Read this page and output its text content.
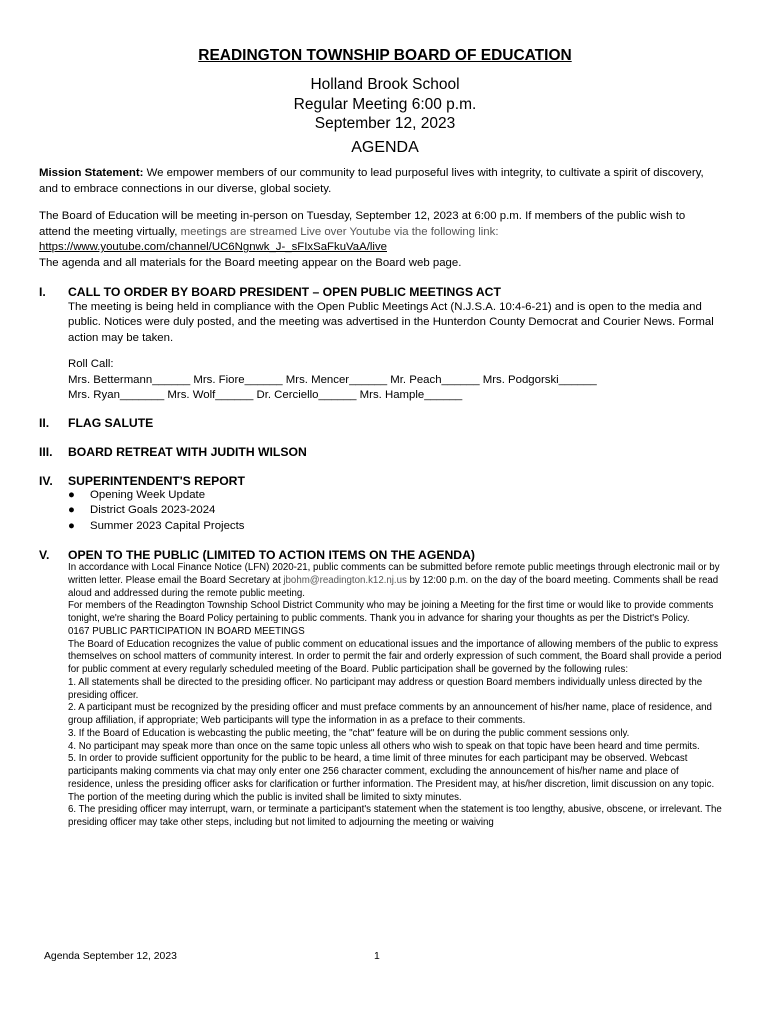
READINGTON TOWNSHIP BOARD OF EDUCATION
Holland Brook School
Regular Meeting 6:00 p.m.
September 12, 2023
AGENDA
Mission Statement: We empower members of our community to lead purposeful lives with integrity, to cultivate a spirit of discovery, and to embrace connections in our diverse, global society.
The Board of Education will be meeting in-person on Tuesday, September 12, 2023 at 6:00 p.m. If members of the public wish to attend the meeting virtually, meetings are streamed Live over Youtube via the following link:
https://www.youtube.com/channel/UC6Ngnwk_J-_sFIxSaFkuVaA/live
The agenda and all materials for the Board meeting appear on the Board web page.
I. CALL TO ORDER BY BOARD PRESIDENT – OPEN PUBLIC MEETINGS ACT
The meeting is being held in compliance with the Open Public Meetings Act (N.J.S.A. 10:4-6-21) and is open to the media and public. Notices were duly posted, and the meeting was advertised in the Hunterdon County Democrat and Courier News. Formal action may be taken.
Roll Call:
Mrs. Bettermann______ Mrs. Fiore______ Mrs. Mencer______ Mr. Peach______ Mrs. Podgorski______
Mrs. Ryan_______ Mrs. Wolf______ Dr. Cerciello______ Mrs. Hample______
II. FLAG SALUTE
III. BOARD RETREAT WITH JUDITH WILSON
IV. SUPERINTENDENT'S REPORT
● Opening Week Update
● District Goals 2023-2024
● Summer 2023 Capital Projects
V. OPEN TO THE PUBLIC (LIMITED TO ACTION ITEMS ON THE AGENDA)

In accordance with Local Finance Notice (LFN) 2020-21, public comments can be submitted before remote public meetings through electronic mail or by written letter. Please email the Board Secretary at jbohm@readington.k12.nj.us by 12:00 p.m. on the day of the board meeting. Comments shall be read aloud and addressed during the remote public meeting.

For members of the Readington Township School District Community who may be joining a Meeting for the first time or would like to provide comments tonight, we're sharing the Board Policy pertaining to public comments. Thank you in advance for sharing your thoughts as per the District's Policy.

0167 PUBLIC PARTICIPATION IN BOARD MEETINGS

The Board of Education recognizes the value of public comment on educational issues and the importance of allowing members of the public to express themselves on school matters of community interest. In order to permit the fair and orderly expression of such comment, the Board shall provide a period for public comment at every regularly scheduled meeting of the Board. Public participation shall be governed by the following rules:

1. All statements shall be directed to the presiding officer. No participant may address or question Board members individually unless directed by the presiding officer.

2. A participant must be recognized by the presiding officer and must preface comments by an announcement of his/her name, place of residence, and group affiliation, if appropriate; Web participants will type the information in as a preface to their comments.

3. If the Board of Education is webcasting the public meeting, the "chat" feature will be on during the public comment sessions only.

4. No participant may speak more than once on the same topic unless all others who wish to speak on that topic have been heard and time permits.

5. In order to provide sufficient opportunity for the public to be heard, a time limit of three minutes for each participant may be observed. Webcast participants making comments via chat may only enter one 256 character comment, excluding the announcement of his/her name and place of residence, unless the presiding officer asks for clarification or further information. The President may, at his/her discretion, limit discussion on any topic. The portion of the meeting during which the public is invited shall be limited to sixty minutes.

6. The presiding officer may interrupt, warn, or terminate a participant's statement when the statement is too lengthy, abusive, obscene, or irrelevant. The presiding officer may take other steps, including but not limited to adjourning the meeting or waiving

Agenda September 12, 2023	1
